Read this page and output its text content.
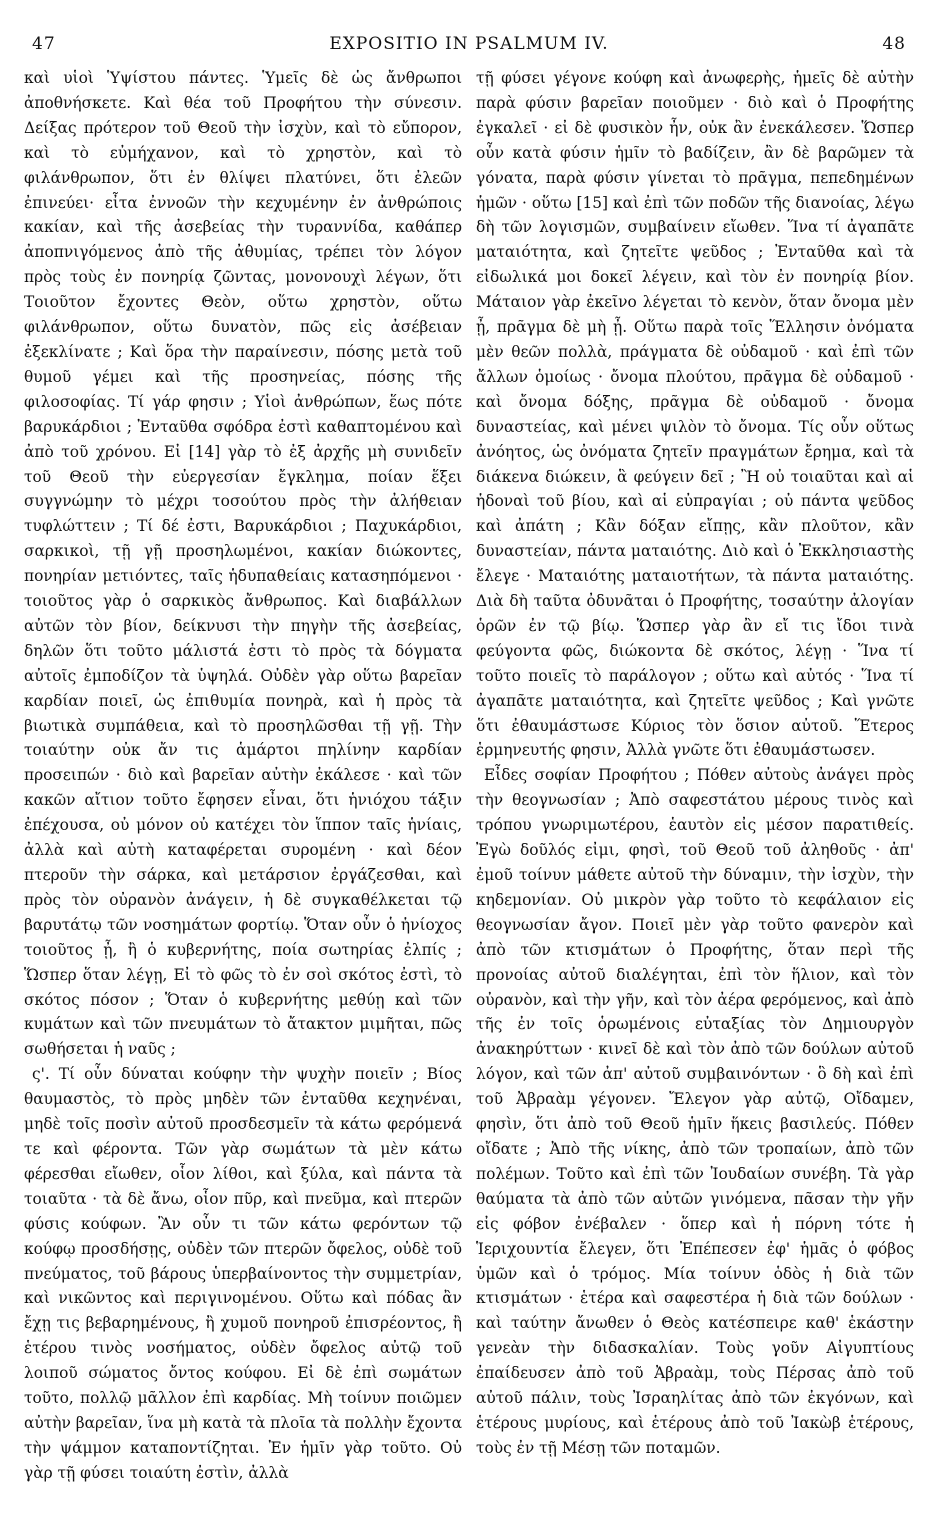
47	EXPOSITIO IN PSALMUM IV.	48

καὶ υἱοὶ Ὑψίστου πάντες. Ὑμεῖς δὲ ὡς ἄνθρωποι ἀποθνήσκετε. Καὶ θέα τοῦ Προφήτου τὴν σύνεσιν. Δείξας πρότερον τοῦ Θεοῦ τὴν ἰσχὺν, καὶ τὸ εὔπορον, καὶ τὸ εὐμήχανον, καὶ τὸ χρηστὸν, καὶ τὸ φιλάνθρωπον, ὅτι ἐν θλίψει πλατύνει, ὅτι ἐλεῶν ἐπινεύει· εἶτα ἐννοῶν τὴν κεχυμένην ἐν ἀνθρώποις κακίαν, καὶ τῆς ἀσεβείας τὴν τυραννίδα, καθάπερ ἀποπνιγόμενος ἀπὸ τῆς ἀθυμίας, τρέπει τὸν λόγον πρὸς τοὺς ἐν πονηρίᾳ ζῶντας, μονονουχὶ λέγων, ὅτι Τοιοῦτον ἔχοντες Θεὸν, οὕτω χρηστὸν, οὕτω φιλάνθρωπον, οὕτω δυνατὸν, πῶς εἰς ἀσέβειαν ἐξεκλίνατε ; Καὶ ὅρα τὴν παραίνεσιν, πόσης μετὰ τοῦ θυμοῦ γέμει καὶ τῆς προσηνείας, πόσης τῆς φιλοσοφίας. Τί γάρ φησιν ; Υἱοὶ ἀνθρώπων, ἕως πότε βαρυκάρδιοι ; Ἐνταῦθα σφόδρα ἐστὶ καθαπτομένου καὶ ἀπὸ τοῦ χρόνου. Εἰ [14] γὰρ τὸ ἐξ ἀρχῆς μὴ συνιδεῖν τοῦ Θεοῦ τὴν εὐεργεσίαν ἔγκλημα, ποίαν ἕξει συγγνώμην τὸ μέχρι τοσούτου πρὸς τὴν ἀλήθειαν τυφλώττειν ; Τί δέ ἐστι, Βαρυκάρδιοι ; Παχυκάρδιοι, σαρκικοὶ, τῇ γῇ προσηλωμένοι, κακίαν διώκοντες, πονηρίαν μετιόντες, ταῖς ἡδυπαθείαις κατασηπόμενοι · τοιοῦτος γὰρ ὁ σαρκικὸς ἄνθρωπος. Καὶ διαβάλλων αὐτῶν τὸν βίον, δείκνυσι τὴν πηγὴν τῆς ἀσεβείας, δηλῶν ὅτι τοῦτο μάλιστά ἐστι τὸ πρὸς τὰ δόγματα αὐτοῖς ἐμποδίζον τὰ ὑψηλά. Οὐδὲν γὰρ οὕτω βαρεῖαν καρδίαν ποιεῖ, ὡς ἐπιθυμία πονηρὰ, καὶ ἡ πρὸς τὰ βιωτικὰ συμπάθεια, καὶ τὸ προσηλῶσθαι τῇ γῇ. Τὴν τοιαύτην οὐκ ἄν τις ἁμάρτοι πηλίνην καρδίαν προσειπών · διὸ καὶ βαρεῖαν αὐτὴν ἐκάλεσε · καὶ τῶν κακῶν αἴτιον τοῦτο ἔφησεν εἶναι, ὅτι ἡνιόχου τάξιν ἐπέχουσα, οὐ μόνον οὐ κατέχει τὸν ἵππον ταῖς ἡνίαις, ἀλλὰ καὶ αὐτὴ καταφέρεται συρομένη · καὶ δέον πτεροῦν τὴν σάρκα, καὶ μετάρσιον ἐργάζεσθαι, καὶ πρὸς τὸν οὐρανὸν ἀνάγειν, ἡ δὲ συγκαθέλκεται τῷ βαρυτάτῳ τῶν νοσημάτων φορτίῳ. Ὅταν οὖν ὁ ἡνίοχος τοιοῦτος ᾖ, ἢ ὁ κυβερνήτης, ποία σωτηρίας ἐλπίς ; Ὥσπερ ὅταν λέγῃ, Εἰ τὸ φῶς τὸ ἐν σοὶ σκότος ἐστὶ, τὸ σκότος πόσον ; Ὅταν ὁ κυβερνήτης μεθύῃ καὶ τῶν κυμάτων καὶ τῶν πνευμάτων τὸ ἄτακτον μιμῆται, πῶς σωθήσεται ἡ ναῦς ;

ς'. Τί οὖν δύναται κούφην τὴν ψυχὴν ποιεῖν ; Βίος θαυμαστὸς, τὸ πρὸς μηδὲν τῶν ἐνταῦθα κεχηνέναι, μηδὲ τοῖς ποσὶν αὐτοῦ προσδεσμεῖν τὰ κάτω φερόμενά τε καὶ φέροντα. Τῶν γὰρ σωμάτων τὰ μὲν κάτω φέρεσθαι εἴωθεν, οἷον λίθοι, καὶ ξύλα, καὶ πάντα τὰ τοιαῦτα · τὰ δὲ ἄνω, οἷον πῦρ, καὶ πνεῦμα, καὶ πτερῶν φύσις κούφων. Ἂν οὖν τι τῶν κάτω φερόντων τῷ κούφῳ προσδήσῃς, οὐδὲν τῶν πτερῶν ὄφελος, οὐδὲ τοῦ πνεύματος, τοῦ βάρους ὑπερβαίνοντος τὴν συμμετρίαν, καὶ νικῶντος καὶ περιγινομένου. Οὕτω καὶ πόδας ἂν ἔχῃ τις βεβαρημένους, ἢ χυμοῦ πονηροῦ ἐπισρέοντος, ἢ ἑτέρου τινὸς νοσήματος, οὐδὲν ὄφελος αὐτῷ τοῦ λοιποῦ σώματος ὄντος κούφου. Εἰ δὲ ἐπὶ σωμάτων τοῦτο, πολλῷ μᾶλλον ἐπὶ καρδίας. Μὴ τοίνυν ποιῶμεν αὐτὴν βαρεῖαν, ἵνα μὴ κατὰ τὰ πλοῖα τὰ πολλὴν ἔχοντα τὴν ψάμμον καταποντίζηται. Ἐν ἡμῖν γὰρ τοῦτο. Οὐ γὰρ τῇ φύσει τοιαύτη ἐστὶν, ἀλλὰ

τῇ φύσει γέγονε κούφη καὶ ἀνωφερὴς, ἡμεῖς δὲ αὐτὴν παρὰ φύσιν βαρεῖαν ποιοῦμεν · διὸ καὶ ὁ Προφήτης ἐγκαλεῖ · εἰ δὲ φυσικὸν ἦν, οὐκ ἂν ἐνεκάλεσεν. Ὥσπερ οὖν κατὰ φύσιν ἡμῖν τὸ βαδίζειν, ἂν δὲ βαρῶμεν τὰ γόνατα, παρὰ φύσιν γίνεται τὸ πρᾶγμα, πεπεδημένων ἡμῶν · οὕτω [15] καὶ ἐπὶ τῶν ποδῶν τῆς διανοίας, λέγω δὴ τῶν λογισμῶν, συμβαίνειν εἴωθεν. Ἵνα τί ἀγαπᾶτε ματαιότητα, καὶ ζητεῖτε ψεῦδος ; Ἐνταῦθα καὶ τὰ εἰδωλικά μοι δοκεῖ λέγειν, καὶ τὸν ἐν πονηρίᾳ βίον. Μάταιον γὰρ ἐκεῖνο λέγεται τὸ κενὸν, ὅταν ὄνομα μὲν ᾖ, πρᾶγμα δὲ μὴ ᾖ. Οὕτω παρὰ τοῖς Ἕλλησιν ὀνόματα μὲν θεῶν πολλὰ, πράγματα δὲ οὐδαμοῦ · καὶ ἐπὶ τῶν ἄλλων ὁμοίως · ὄνομα πλούτου, πρᾶγμα δὲ οὐδαμοῦ · καὶ ὄνομα δόξης, πρᾶγμα δὲ οὐδαμοῦ · ὄνομα δυναστείας, καὶ μένει ψιλὸν τὸ ὄνομα. Τίς οὖν οὕτως ἀνόητος, ὡς ὀνόματα ζητεῖν πραγμάτων ἔρημα, καὶ τὰ διάκενα διώκειν, ἃ φεύγειν δεῖ ; Ἢ οὐ τοιαῦται καὶ αἱ ἡδοναὶ τοῦ βίου, καὶ αἱ εὐπραγίαι ; οὐ πάντα ψεῦδος καὶ ἀπάτη ; Κἂν δόξαν εἴπῃς, κἂν πλοῦτον, κἂν δυναστείαν, πάντα ματαιότης. Διὸ καὶ ὁ Ἐκκλησιαστὴς ἔλεγε · Ματαιότης ματαιοτήτων, τὰ πάντα ματαιότης. Διὰ δὴ ταῦτα ὀδυνᾶται ὁ Προφήτης, τοσαύτην ἀλογίαν ὁρῶν ἐν τῷ βίῳ. Ὥσπερ γὰρ ἂν εἴ τις ἴδοι τινὰ φεύγοντα φῶς, διώκοντα δὲ σκότος, λέγῃ · Ἵνα τί τοῦτο ποιεῖς τὸ παράλογον ; οὕτω καὶ αὐτός · Ἵνα τί ἀγαπᾶτε ματαιότητα, καὶ ζητεῖτε ψεῦδος ; Καὶ γνῶτε ὅτι ἐθαυμάστωσε Κύριος τὸν ὅσιον αὐτοῦ. Ἕτερος ἑρμηνευτής φησιν, Ἀλλὰ γνῶτε ὅτι ἐθαυμάστωσεν.

Εἶδες σοφίαν Προφήτου ; Πόθεν αὐτοὺς ἀνάγει πρὸς τὴν θεογνωσίαν ; Ἀπὸ σαφεστάτου μέρους τινὸς καὶ τρόπου γνωριμωτέρου, ἑαυτὸν εἰς μέσον παρατιθείς. Ἐγὼ δοῦλός εἰμι, φησὶ, τοῦ Θεοῦ τοῦ ἀληθοῦς · ἀπ' ἐμοῦ τοίνυν μάθετε αὐτοῦ τὴν δύναμιν, τὴν ἰσχὺν, τὴν κηδεμονίαν. Οὐ μικρὸν γὰρ τοῦτο τὸ κεφάλαιον εἰς θεογνωσίαν ἄγον. Ποιεῖ μὲν γὰρ τοῦτο φανερὸν καὶ ἀπὸ τῶν κτισμάτων ὁ Προφήτης, ὅταν περὶ τῆς προνοίας αὐτοῦ διαλέγηται, ἐπὶ τὸν ἥλιον, καὶ τὸν οὐρανὸν, καὶ τὴν γῆν, καὶ τὸν ἀέρα φερόμενος, καὶ ἀπὸ τῆς ἐν τοῖς ὁρωμένοις εὐταξίας τὸν Δημιουργὸν ἀνακηρύττων · κινεῖ δὲ καὶ τὸν ἀπὸ τῶν δούλων αὐτοῦ λόγον, καὶ τῶν ἀπ' αὐτοῦ συμβαινόντων · ὃ δὴ καὶ ἐπὶ τοῦ Ἀβραὰμ γέγονεν. Ἔλεγον γὰρ αὐτῷ, Οἴδαμεν, φησὶν, ὅτι ἀπὸ τοῦ Θεοῦ ἡμῖν ἥκεις βασιλεύς. Πόθεν οἴδατε ; Ἀπὸ τῆς νίκης, ἀπὸ τῶν τροπαίων, ἀπὸ τῶν πολέμων. Τοῦτο καὶ ἐπὶ τῶν Ἰουδαίων συνέβη. Τὰ γὰρ θαύματα τὰ ἀπὸ τῶν αὐτῶν γινόμενα, πᾶσαν τὴν γῆν εἰς φόβον ἐνέβαλεν · ὅπερ καὶ ἡ πόρνη τότε ἡ Ἱεριχουντία ἔλεγεν, ὅτι Ἐπέπεσεν ἐφ' ἡμᾶς ὁ φόβος ὑμῶν καὶ ὁ τρόμος. Μία τοίνυν ὁδὸς ἡ διὰ τῶν κτισμάτων · ἑτέρα καὶ σαφεστέρα ἡ διὰ τῶν δούλων · καὶ ταύτην ἄνωθεν ὁ Θεὸς κατέσπειρε καθ' ἑκάστην γενεὰν τὴν διδασκαλίαν. Τοὺς γοῦν Αἰγυπτίους ἐπαίδευσεν ἀπὸ τοῦ Ἀβραὰμ, τοὺς Πέρσας ἀπὸ τοῦ αὐτοῦ πάλιν, τοὺς Ἰσραηλίτας ἀπὸ τῶν ἐκγόνων, καὶ ἑτέρους μυρίους, καὶ ἑτέρους ἀπὸ τοῦ Ἰακὼβ ἑτέρους, τοὺς ἐν τῇ Μέσῃ τῶν ποταμῶν.
